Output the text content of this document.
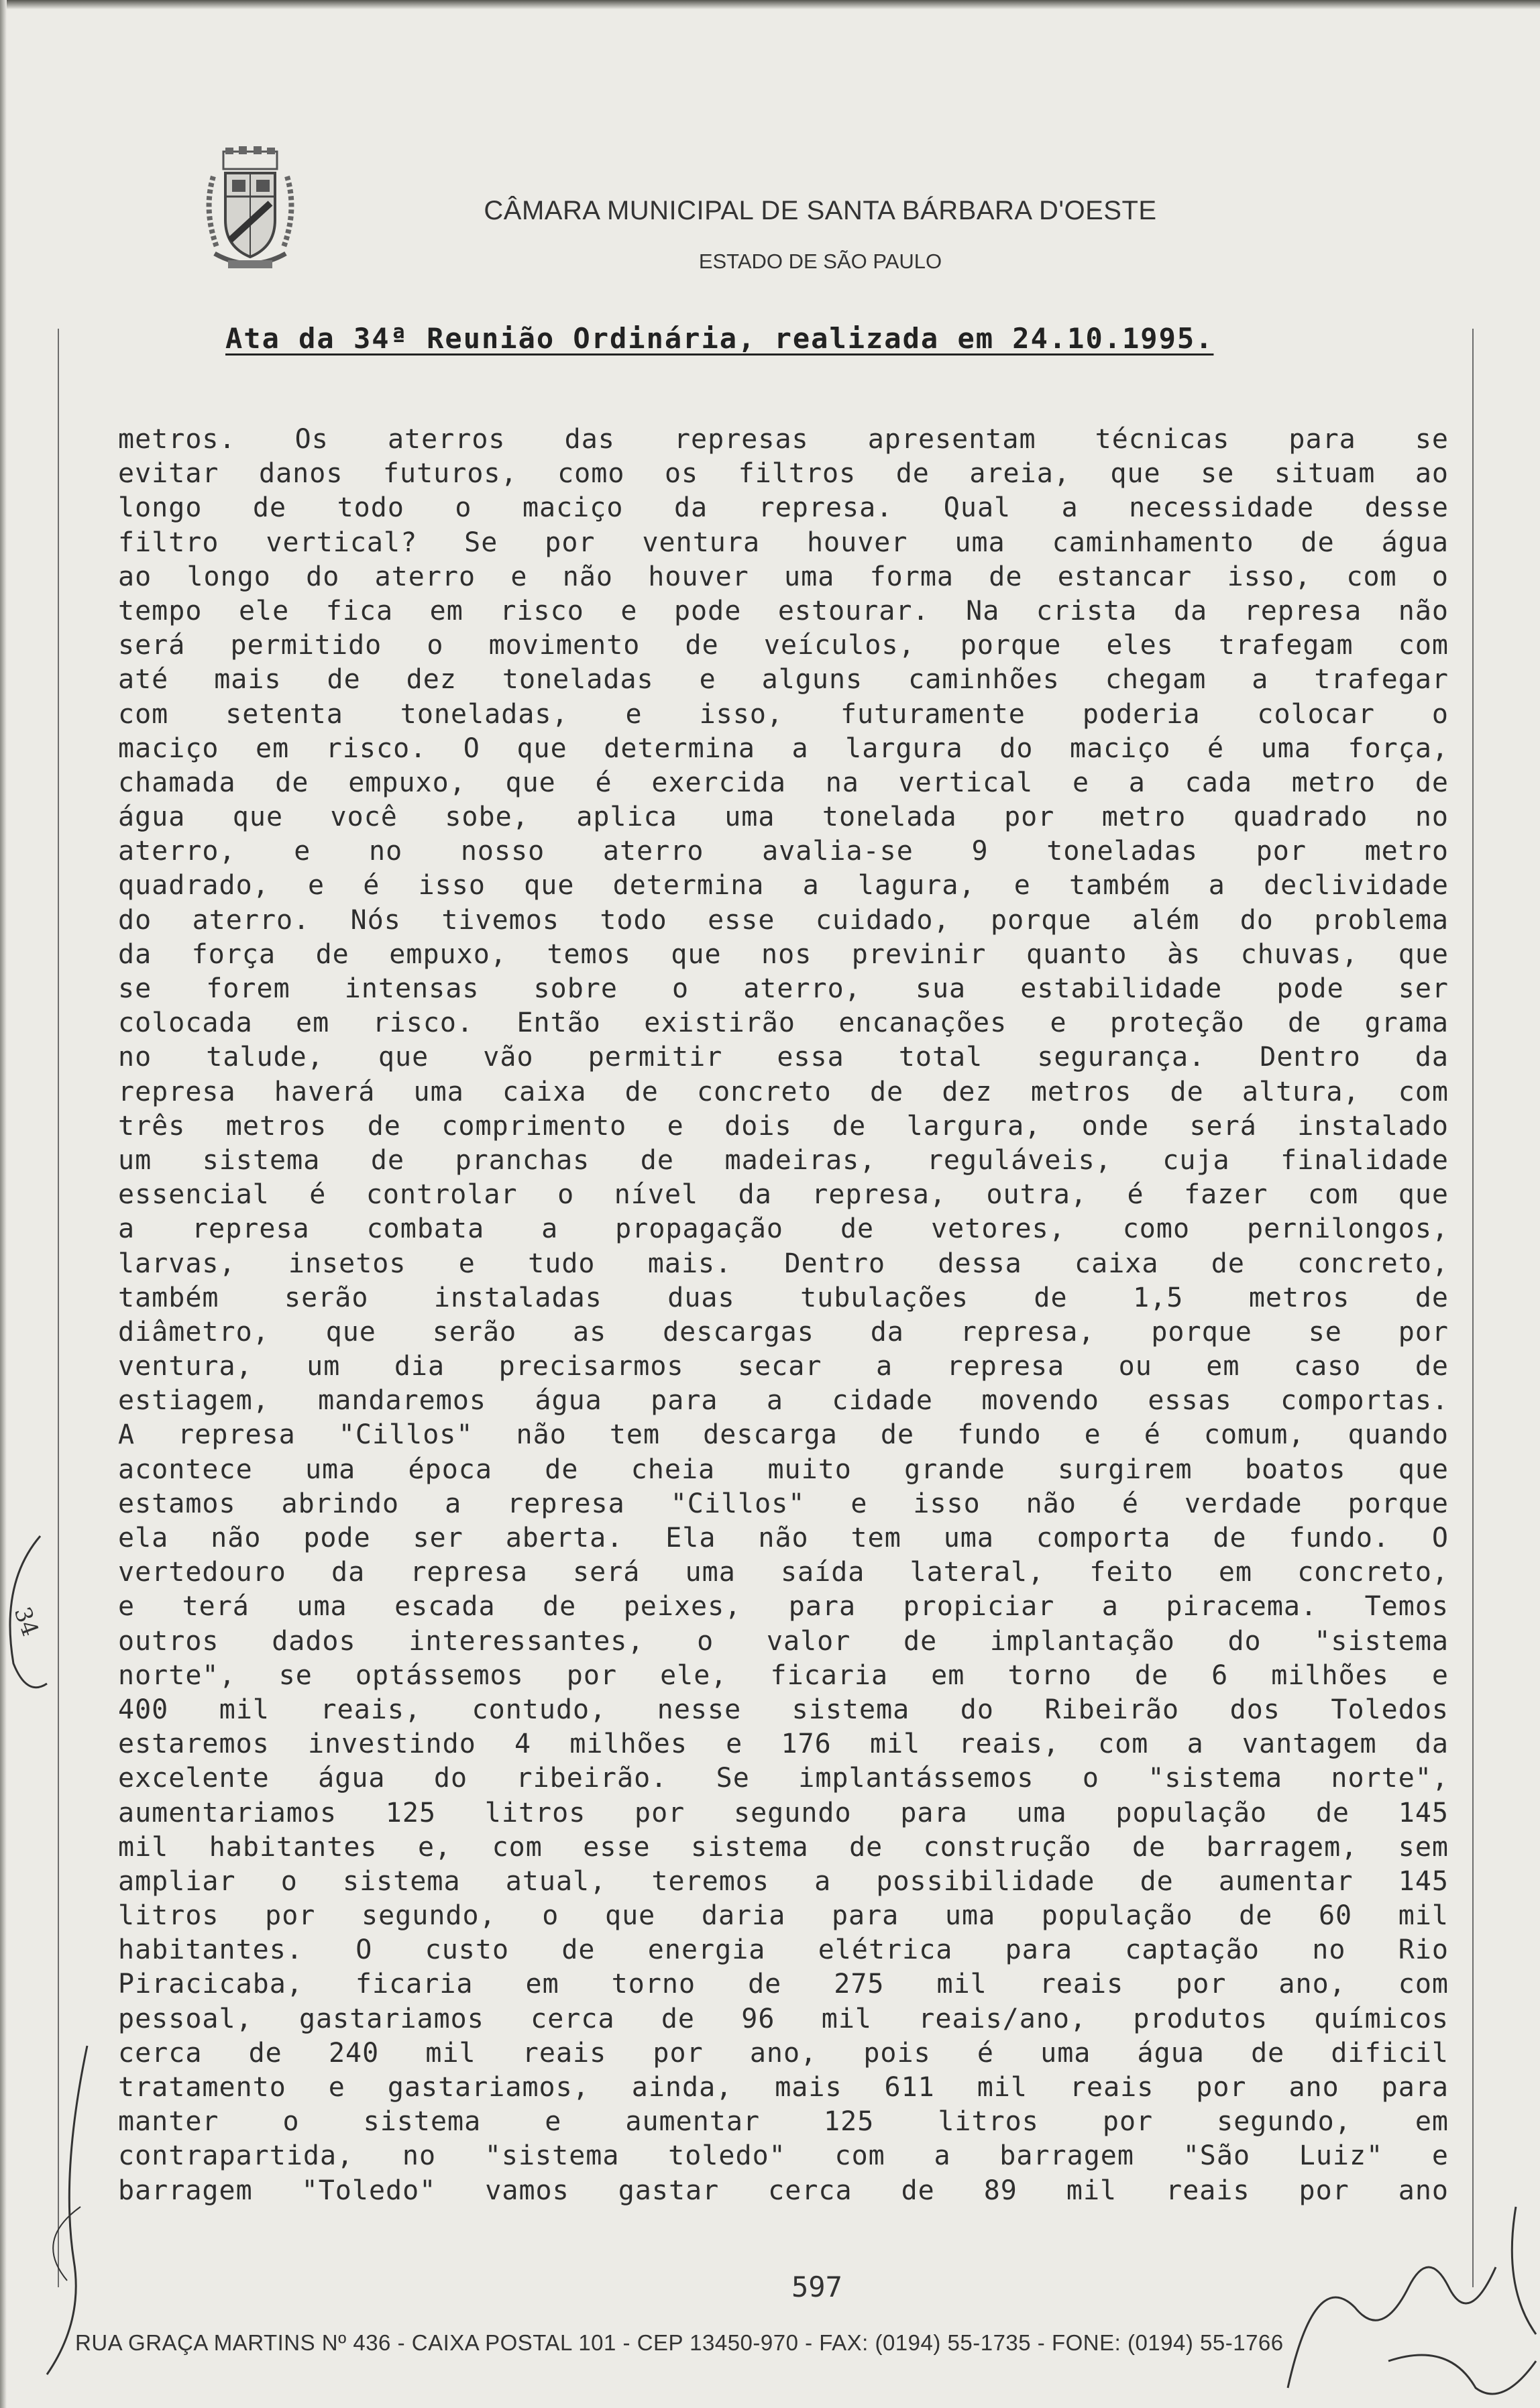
CÂMARA MUNICIPAL DE SANTA BÁRBARA D'OESTE
ESTADO DE SÃO PAULO
Ata da 34ª Reunião Ordinária, realizada em 24.10.1995.
metros. Os aterros das represas apresentam técnicas para se
evitar danos futuros, como os filtros de areia, que se situam ao
longo de todo o maciço da represa. Qual a necessidade desse
filtro vertical? Se por ventura houver uma caminhamento de água
ao longo do aterro e não houver uma forma de estancar isso, com o
tempo ele fica em risco e pode estourar. Na crista da represa não
será permitido o movimento de veículos, porque eles trafegam com
até mais de dez toneladas e alguns caminhões chegam a trafegar
com setenta toneladas, e isso, futuramente poderia colocar o
maciço em risco. O que determina a largura do maciço é uma força,
chamada de empuxo, que é exercida na vertical e a cada metro de
água que você sobe, aplica uma tonelada por metro quadrado no
aterro, e no nosso aterro avalia-se 9 toneladas por metro
quadrado, e é isso que determina a lagura, e também a declividade
do aterro. Nós tivemos todo esse cuidado, porque além do problema
da força de empuxo, temos que nos previnir quanto às chuvas, que
se forem intensas sobre o aterro, sua estabilidade pode ser
colocada em risco. Então existirão encanações e proteção de grama
no talude, que vão permitir essa total segurança. Dentro da
represa haverá uma caixa de concreto de dez metros de altura, com
três metros de comprimento e dois de largura, onde será instalado
um sistema de pranchas de madeiras, reguláveis, cuja finalidade
essencial é controlar o nível da represa, outra, é fazer com que
a represa combata a propagação de vetores, como pernilongos,
larvas, insetos e tudo mais. Dentro dessa caixa de concreto,
também serão instaladas duas tubulações de 1,5 metros de
diâmetro, que serão as descargas da represa, porque se por
ventura, um dia precisarmos secar a represa ou em caso de
estiagem, mandaremos água para a cidade movendo essas comportas.
A represa "Cillos" não tem descarga de fundo e é comum, quando
acontece uma época de cheia muito grande surgirem boatos que
estamos abrindo a represa "Cillos" e isso não é verdade porque
ela não pode ser aberta. Ela não tem uma comporta de fundo. O
vertedouro da represa será uma saída lateral, feito em concreto,
e terá uma escada de peixes, para propiciar a piracema. Temos
outros dados interessantes, o valor de implantação do "sistema
norte", se optássemos por ele, ficaria em torno de 6 milhões e
400 mil reais, contudo, nesse sistema do Ribeirão dos Toledos
estaremos investindo 4 milhões e 176 mil reais, com a vantagem da
excelente água do ribeirão. Se implantássemos o "sistema norte",
aumentariamos 125 litros por segundo para uma população de 145
mil habitantes e, com esse sistema de construção de barragem, sem
ampliar o sistema atual, teremos a possibilidade de aumentar 145
litros por segundo, o que daria para uma população de 60 mil
habitantes. O custo de energia elétrica para captação no Rio
Piracicaba, ficaria em torno de 275 mil reais por ano, com
pessoal, gastariamos cerca de 96 mil reais/ano, produtos químicos
cerca de 240 mil reais por ano, pois é uma água de dificil
tratamento e gastariamos, ainda, mais 611 mil reais por ano para
manter o sistema e aumentar 125 litros por segundo, em
contrapartida, no "sistema toledo" com a barragem "São Luiz" e
barragem "Toledo" vamos gastar cerca de 89 mil reais por ano
597
RUA GRAÇA MARTINS Nº 436 - CAIXA POSTAL 101 - CEP 13450-970 - FAX: (0194) 55-1735 - FONE: (0194) 55-1766
34
